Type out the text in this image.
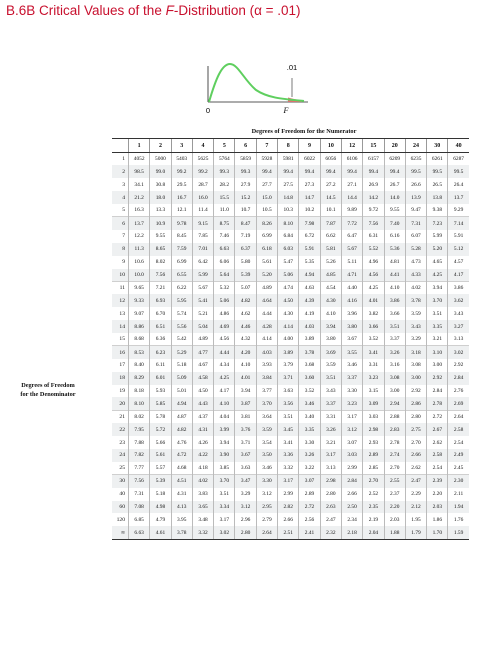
B.6B Critical Values of the F-Distribution (α = .01)
.01
0	F
Degrees of Freedom for the Numerator
Degrees of Freedom
for the Denominator
	1	2	3	4	5	6	7	8	9	10	12	15	20	24	30	40
1	4052	5000	5403	5625	5764	5859	5928	5981	6022	6056	6106	6157	6209	6235	6261	6287
2	98.5	99.0	99.2	99.2	99.3	99.3	99.4	99.4	99.4	99.4	99.4	99.4	99.4	99.5	99.5	99.5
3	34.1	30.8	29.5	28.7	28.2	27.9	27.7	27.5	27.3	27.2	27.1	26.9	26.7	26.6	26.5	26.4
4	21.2	18.0	16.7	16.0	15.5	15.2	15.0	14.8	14.7	14.5	14.4	14.2	14.0	13.9	13.8	13.7
5	16.3	13.3	12.1	11.4	11.0	10.7	10.5	10.3	10.2	10.1	9.89	9.72	9.55	9.47	9.38	9.29
6	13.7	10.9	9.78	9.15	8.75	8.47	8.26	8.10	7.98	7.87	7.72	7.56	7.40	7.31	7.23	7.14
7	12.2	9.55	8.45	7.85	7.46	7.19	6.99	6.84	6.72	6.62	6.47	6.31	6.16	6.07	5.99	5.91
8	11.3	8.65	7.59	7.01	6.63	6.37	6.18	6.03	5.91	5.81	5.67	5.52	5.36	5.28	5.20	5.12
9	10.6	8.02	6.99	6.42	6.06	5.80	5.61	5.47	5.35	5.26	5.11	4.96	4.81	4.73	4.65	4.57
10	10.0	7.56	6.55	5.99	5.64	5.39	5.20	5.06	4.94	4.85	4.71	4.56	4.41	4.33	4.25	4.17
11	9.65	7.21	6.22	5.67	5.32	5.07	4.89	4.74	4.63	4.54	4.40	4.25	4.10	4.02	3.94	3.86
12	9.33	6.93	5.95	5.41	5.06	4.82	4.64	4.50	4.39	4.30	4.16	4.01	3.86	3.78	3.70	3.62
13	9.07	6.70	5.74	5.21	4.86	4.62	4.44	4.30	4.19	4.10	3.96	3.82	3.66	3.59	3.51	3.43
14	8.86	6.51	5.56	5.04	4.69	4.46	4.28	4.14	4.03	3.94	3.80	3.66	3.51	3.43	3.35	3.27
15	8.68	6.36	5.42	4.89	4.56	4.32	4.14	4.00	3.89	3.80	3.67	3.52	3.37	3.29	3.21	3.13
16	8.53	6.23	5.29	4.77	4.44	4.20	4.03	3.89	3.78	3.69	3.55	3.41	3.26	3.18	3.10	3.02
17	8.40	6.11	5.18	4.67	4.34	4.10	3.93	3.79	3.68	3.59	3.46	3.31	3.16	3.08	3.00	2.92
18	8.29	6.01	5.09	4.58	4.25	4.01	3.84	3.71	3.60	3.51	3.37	3.23	3.08	3.00	2.92	2.84
19	8.18	5.93	5.01	4.50	4.17	3.94	3.77	3.63	3.52	3.43	3.30	3.15	3.00	2.92	2.84	2.76
20	8.10	5.85	4.94	4.43	4.10	3.87	3.70	3.56	3.46	3.37	3.23	3.09	2.94	2.86	2.78	2.69
21	8.02	5.78	4.87	4.37	4.04	3.81	3.64	3.51	3.40	3.31	3.17	3.03	2.88	2.80	2.72	2.64
22	7.95	5.72	4.82	4.31	3.99	3.76	3.59	3.45	3.35	3.26	3.12	2.98	2.83	2.75	2.67	2.58
23	7.88	5.66	4.76	4.26	3.94	3.71	3.54	3.41	3.30	3.21	3.07	2.93	2.78	2.70	2.62	2.54
24	7.82	5.61	4.72	4.22	3.90	3.67	3.50	3.36	3.26	3.17	3.03	2.89	2.74	2.66	2.58	2.49
25	7.77	5.57	4.68	4.18	3.85	3.63	3.46	3.32	3.22	3.13	2.99	2.85	2.70	2.62	2.54	2.45
30	7.56	5.39	4.51	4.02	3.70	3.47	3.30	3.17	3.07	2.98	2.84	2.70	2.55	2.47	2.39	2.30
40	7.31	5.18	4.31	3.83	3.51	3.29	3.12	2.99	2.89	2.80	2.66	2.52	2.37	2.29	2.20	2.11
60	7.08	4.98	4.13	3.65	3.34	3.12	2.95	2.82	2.72	2.63	2.50	2.35	2.20	2.12	2.03	1.94
120	6.85	4.79	3.95	3.48	3.17	2.96	2.79	2.66	2.56	2.47	2.34	2.19	2.03	1.95	1.86	1.76
∞	6.63	4.61	3.78	3.32	3.02	2.80	2.64	2.51	2.41	2.32	2.18	2.04	1.88	1.79	1.70	1.59
